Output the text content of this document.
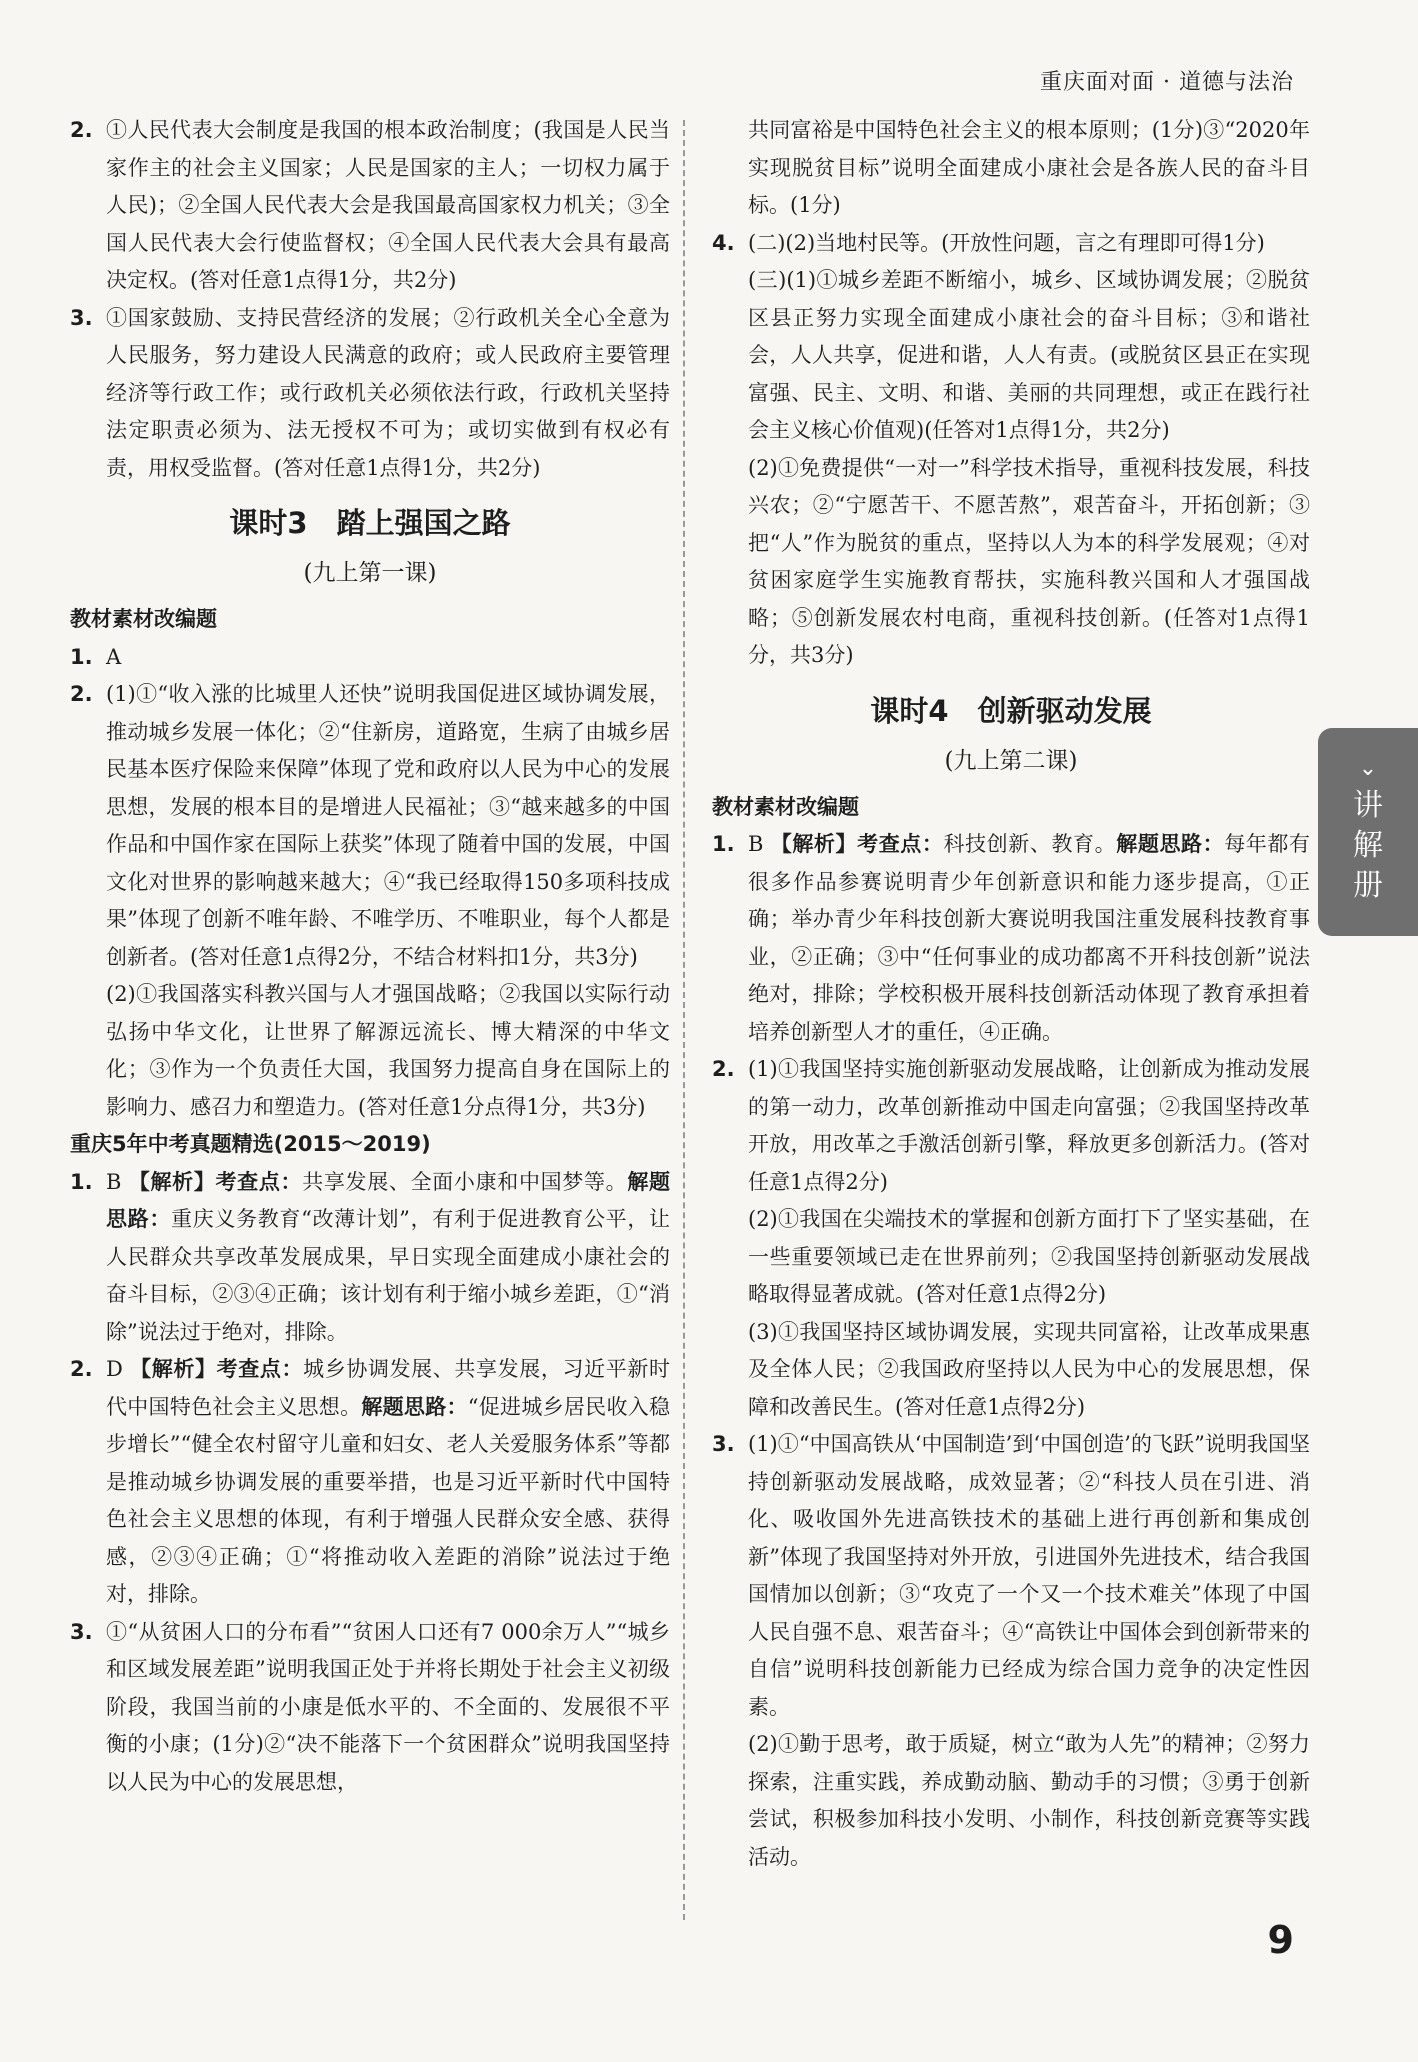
重庆面对面 · 道德与法治
2. ①人民代表大会制度是我国的根本政治制度；(我国是人民当家作主的社会主义国家；人民是国家的主人；一切权力属于人民)；②全国人民代表大会是我国最高国家权力机关；③全国人民代表大会行使监督权；④全国人民代表大会具有最高决定权。(答对任意1点得1分，共2分)
3. ①国家鼓励、支持民营经济的发展；②行政机关全心全意为人民服务，努力建设人民满意的政府；或人民政府主要管理经济等行政工作；或行政机关必须依法行政，行政机关坚持法定职责必须为、法无授权不可为；或切实做到有权必有责，用权受监督。(答对任意1点得1分，共2分)
课时3　踏上强国之路
(九上第一课)
教材素材改编题
1. A
2. (1)①“收入涨的比城里人还快”说明我国促进区域协调发展，推动城乡发展一体化；②“住新房，道路宽，生病了由城乡居民基本医疗保险来保障”体现了党和政府以人民为中心的发展思想，发展的根本目的是增进人民福祉；③“越来越多的中国作品和中国作家在国际上获奖”体现了随着中国的发展，中国文化对世界的影响越来越大；④“我已经取得150多项科技成果”体现了创新不唯年龄、不唯学历、不唯职业，每个人都是创新者。(答对任意1点得2分，不结合材料扣1分，共3分)
(2)①我国落实科教兴国与人才强国战略；②我国以实际行动弘扬中华文化，让世界了解源远流长、博大精深的中华文化；③作为一个负责任大国，我国努力提高自身在国际上的影响力、感召力和塑造力。(答对任意1分点得1分，共3分)
重庆5年中考真题精选(2015～2019)
1. B 【解析】考查点：共享发展、全面小康和中国梦等。解题思路：重庆义务教育“改薄计划”，有利于促进教育公平，让人民群众共享改革发展成果，早日实现全面建成小康社会的奋斗目标，②③④正确；该计划有利于缩小城乡差距，①“消除”说法过于绝对，排除。
2. D 【解析】考查点：城乡协调发展、共享发展，习近平新时代中国特色社会主义思想。解题思路：“促进城乡居民收入稳步增长”“健全农村留守儿童和妇女、老人关爱服务体系”等都是推动城乡协调发展的重要举措，也是习近平新时代中国特色社会主义思想的体现，有利于增强人民群众安全感、获得感，②③④正确；①“将推动收入差距的消除”说法过于绝对，排除。
3. ①“从贫困人口的分布看”“贫困人口还有7 000余万人”“城乡和区域发展差距”说明我国正处于并将长期处于社会主义初级阶段，我国当前的小康是低水平的、不全面的、发展很不平衡的小康；(1分)②“决不能落下一个贫困群众”说明我国坚持以人民为中心的发展思想，
共同富裕是中国特色社会主义的根本原则；(1分)③“2020年实现脱贫目标”说明全面建成小康社会是各族人民的奋斗目标。(1分)
4. (二)(2)当地村民等。(开放性问题，言之有理即可得1分)
(三)(1)①城乡差距不断缩小，城乡、区域协调发展；②脱贫区县正努力实现全面建成小康社会的奋斗目标；③和谐社会，人人共享，促进和谐，人人有责。(或脱贫区县正在实现富强、民主、文明、和谐、美丽的共同理想，或正在践行社会主义核心价值观)(任答对1点得1分，共2分)
(2)①免费提供“一对一”科学技术指导，重视科技发展，科技兴农；②“宁愿苦干、不愿苦熬”，艰苦奋斗，开拓创新；③把“人”作为脱贫的重点，坚持以人为本的科学发展观；④对贫困家庭学生实施教育帮扶，实施科教兴国和人才强国战略；⑤创新发展农村电商，重视科技创新。(任答对1点得1分，共3分)
课时4　创新驱动发展
(九上第二课)
教材素材改编题
1. B 【解析】考查点：科技创新、教育。解题思路：每年都有很多作品参赛说明青少年创新意识和能力逐步提高，①正确；举办青少年科技创新大赛说明我国注重发展科技教育事业，②正确；③中“任何事业的成功都离不开科技创新”说法绝对，排除；学校积极开展科技创新活动体现了教育承担着培养创新型人才的重任，④正确。
2. (1)①我国坚持实施创新驱动发展战略，让创新成为推动发展的第一动力，改革创新推动中国走向富强；②我国坚持改革开放，用改革之手激活创新引擎，释放更多创新活力。(答对任意1点得2分)
(2)①我国在尖端技术的掌握和创新方面打下了坚实基础，在一些重要领域已走在世界前列；②我国坚持创新驱动发展战略取得显著成就。(答对任意1点得2分)
(3)①我国坚持区域协调发展，实现共同富裕，让改革成果惠及全体人民；②我国政府坚持以人民为中心的发展思想，保障和改善民生。(答对任意1点得2分)
3. (1)①“中国高铁从‘中国制造’到‘中国创造’的飞跃”说明我国坚持创新驱动发展战略，成效显著；②“科技人员在引进、消化、吸收国外先进高铁技术的基础上进行再创新和集成创新”体现了我国坚持对外开放，引进国外先进技术，结合我国国情加以创新；③“攻克了一个又一个技术难关”体现了中国人民自强不息、艰苦奋斗；④“高铁让中国体会到创新带来的自信”说明科技创新能力已经成为综合国力竞争的决定性因素。
(2)①勤于思考，敢于质疑，树立“敢为人先”的精神；②努力探索，注重实践，养成勤动脑、勤动手的习惯；③勇于创新尝试，积极参加科技小发明、小制作，科技创新竞赛等实践活动。
⌄
讲
解
册
9
